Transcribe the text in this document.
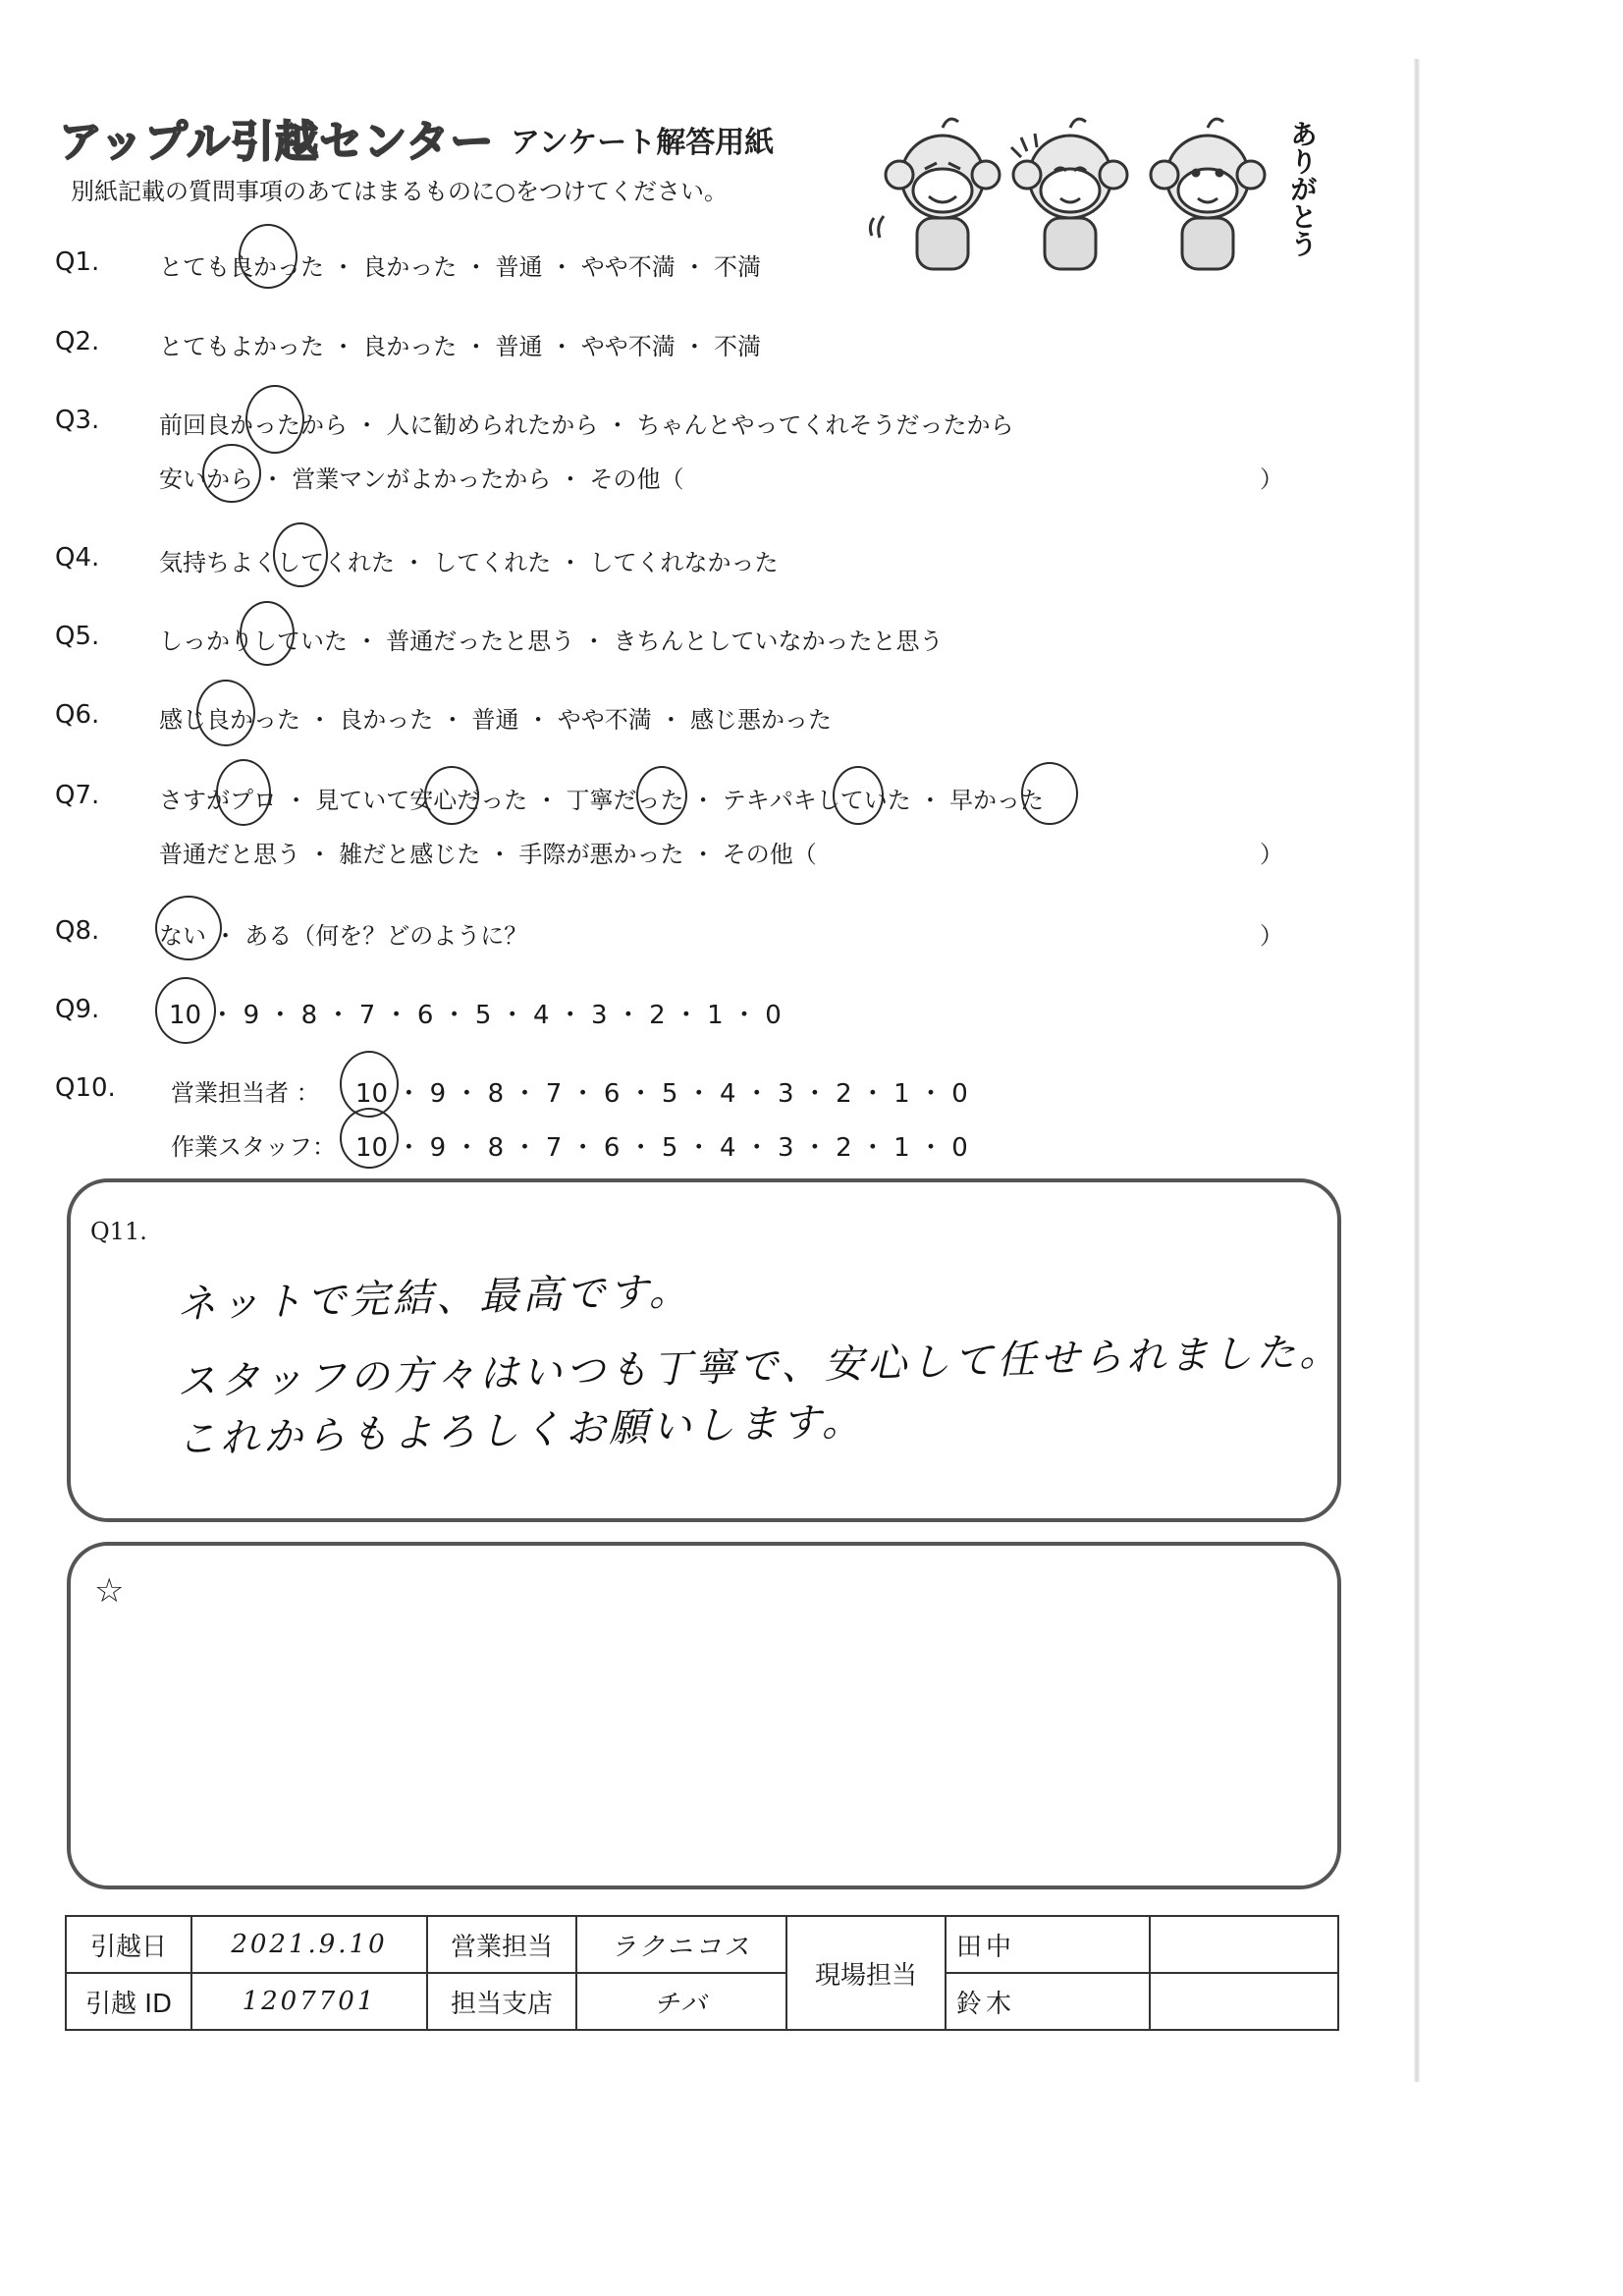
アップル引越センター アンケート解答用紙
別紙記載の質問事項のあてはまるものに○をつけてください。	ありがとう
Q1.	とても良かった ・ 良かった ・ 普通 ・ やや不満 ・ 不満
Q2.	とてもよかった ・ 良かった ・ 普通 ・ やや不満 ・ 不満
Q3.	前回良かったから ・ 人に勧められたから ・ ちゃんとやってくれそうだったから
安いから ・ 営業マンがよかったから ・ その他（	）
Q4.	気持ちよくしてくれた ・ してくれた ・ してくれなかった
Q5.	しっかりしていた ・ 普通だったと思う ・ きちんとしていなかったと思う
Q6.	感じ良かった ・ 良かった ・ 普通 ・ やや不満 ・ 感じ悪かった
Q7.	さすがプロ ・ 見ていて安心だった ・ 丁寧だった ・ テキパキしていた ・ 早かった
普通だと思う ・ 雑だと感じた ・ 手際が悪かった ・ その他（	）
Q8.	ない ・ ある（何を？どのように？	）
Q9.	10 ・ 9 ・ 8 ・ 7 ・ 6 ・ 5 ・ 4 ・ 3 ・ 2 ・ 1 ・ 0
Q10. 営業担当者 ： 10 ・ 9 ・ 8 ・ 7 ・ 6 ・ 5 ・ 4 ・ 3 ・ 2 ・ 1 ・ 0
作業スタッフ： 10 ・ 9 ・ 8 ・ 7 ・ 6 ・ 5 ・ 4 ・ 3 ・ 2 ・ 1 ・ 0
Q11.
ネットで完結、最高です。
スタッフの方々はいつも丁寧で、安心して任せられました。
これからもよろしくお願いします。
☆
引越日	2021.9.10	営業担当	ラクニコス	現場担当	田中	
引越 ID	1207701	担当支店	チバ		鈴木	
